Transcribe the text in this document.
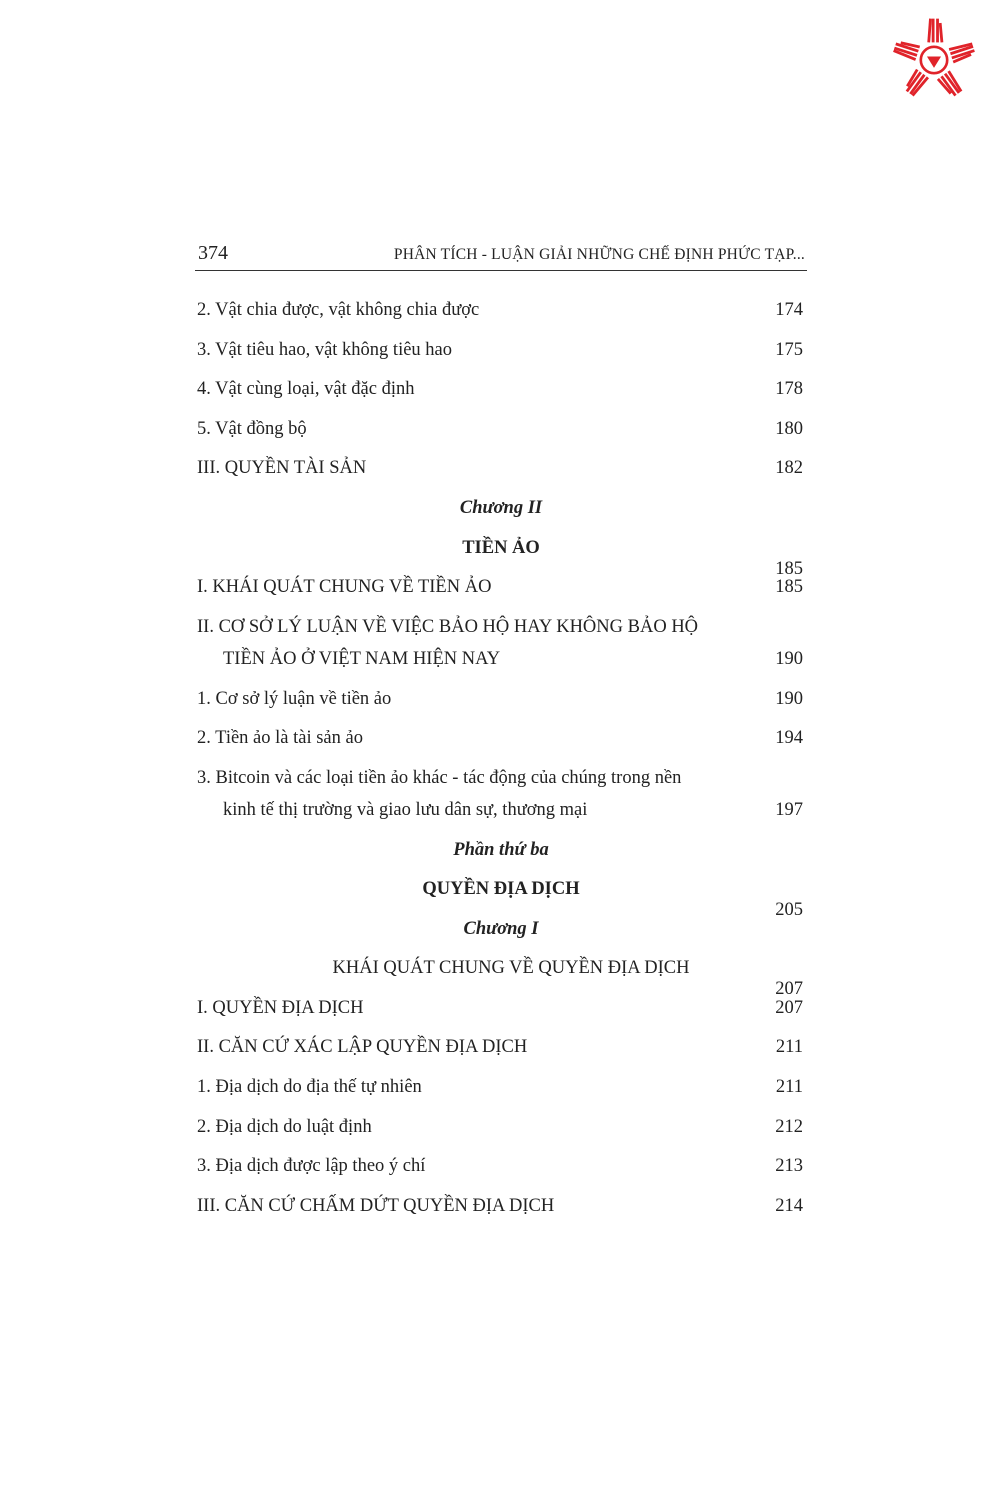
374	PHÂN TÍCH - LUẬN GIẢI NHỮNG CHẾ ĐỊNH PHỨC TẠP...
2. Vật chia được, vật không chia được	174
3. Vật tiêu hao, vật không tiêu hao	175
4. Vật cùng loại, vật đặc định	178
5. Vật đồng bộ	180
III. QUYỀN TÀI SẢN	182
Chương II
TIỀN ẢO
185
I. KHÁI QUÁT CHUNG VỀ TIỀN ẢO	185
II. CƠ SỞ LÝ LUẬN VỀ VIỆC BẢO HỘ HAY KHÔNG BẢO HỘ
TIỀN ẢO Ở VIỆT NAM HIỆN NAY	190
1. Cơ sở lý luận về tiền ảo	190
2. Tiền ảo là tài sản ảo	194
3. Bitcoin và các loại tiền ảo khác - tác động của chúng trong nền
kinh tế thị trường và giao lưu dân sự, thương mại	197
Phần thứ ba
QUYỀN ĐỊA DỊCH
205
Chương I
KHÁI QUÁT CHUNG VỀ QUYỀN ĐỊA DỊCH
207
I. QUYỀN ĐỊA DỊCH	207
II. CĂN CỨ XÁC LẬP QUYỀN ĐỊA DỊCH	211
1. Địa dịch do địa thế tự nhiên	211
2. Địa dịch do luật định	212
3. Địa dịch được lập theo ý chí	213
III. CĂN CỨ CHẤM DỨT QUYỀN ĐỊA DỊCH	214
